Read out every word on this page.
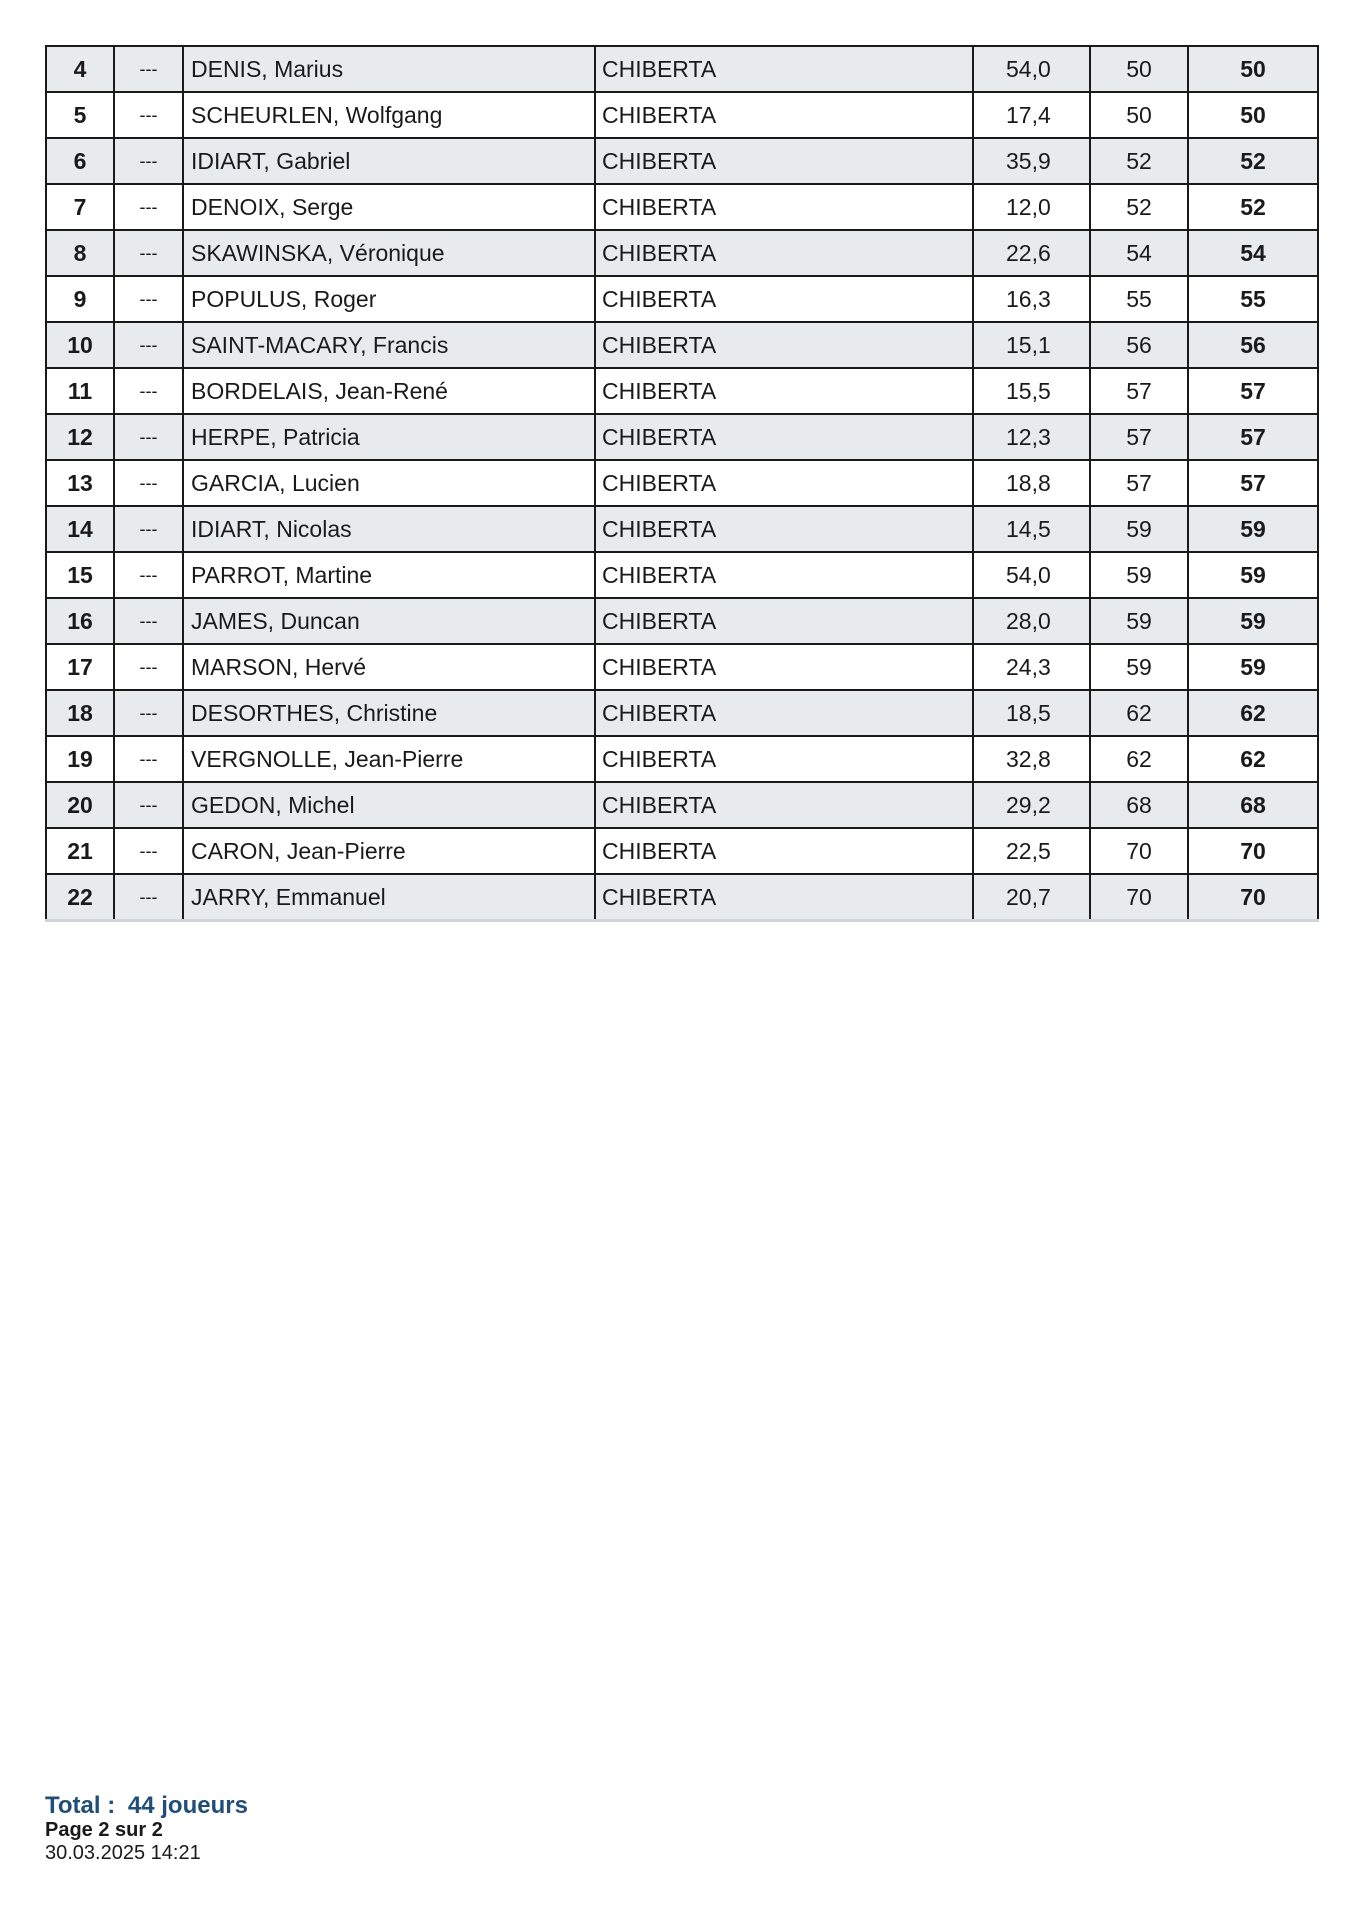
4	---	DENIS, Marius	CHIBERTA	54,0	50	50
5	---	SCHEURLEN, Wolfgang	CHIBERTA	17,4	50	50
6	---	IDIART, Gabriel	CHIBERTA	35,9	52	52
7	---	DENOIX, Serge	CHIBERTA	12,0	52	52
8	---	SKAWINSKA, Véronique	CHIBERTA	22,6	54	54
9	---	POPULUS, Roger	CHIBERTA	16,3	55	55
10	---	SAINT-MACARY, Francis	CHIBERTA	15,1	56	56
11	---	BORDELAIS, Jean-René	CHIBERTA	15,5	57	57
12	---	HERPE, Patricia	CHIBERTA	12,3	57	57
13	---	GARCIA, Lucien	CHIBERTA	18,8	57	57
14	---	IDIART, Nicolas	CHIBERTA	14,5	59	59
15	---	PARROT, Martine	CHIBERTA	54,0	59	59
16	---	JAMES, Duncan	CHIBERTA	28,0	59	59
17	---	MARSON, Hervé	CHIBERTA	24,3	59	59
18	---	DESORTHES, Christine	CHIBERTA	18,5	62	62
19	---	VERGNOLLE, Jean-Pierre	CHIBERTA	32,8	62	62
20	---	GEDON, Michel	CHIBERTA	29,2	68	68
21	---	CARON, Jean-Pierre	CHIBERTA	22,5	70	70
22	---	JARRY, Emmanuel	CHIBERTA	20,7	70	70
Total : 44 joueurs
Page 2 sur 2
30.03.2025 14:21
